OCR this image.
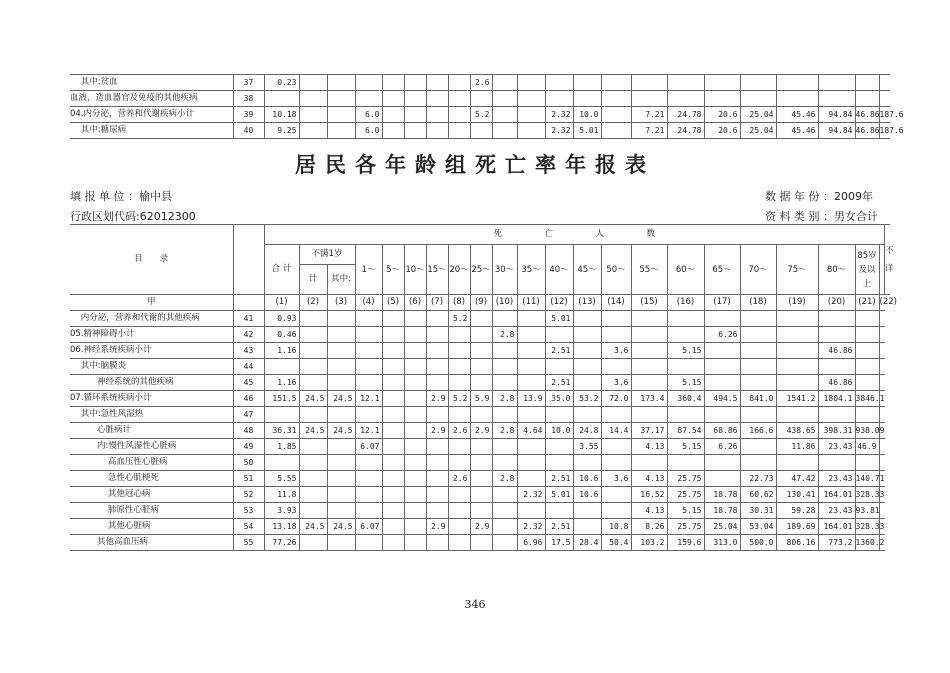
其中:贫血	37	0.23								2.6													
血液，造血器官及免疫的其他疾病	38																						
04.内分泌，营养和代谢疾病小计	39	10.18			6.0					5.2			2.32	10.0		7.21	24.78	20.6	25.04	45.46	94.84	46.86	187.6
其中:糖尿病	40	9.25			6.0								2.32	5.01		7.21	24.78	20.6	25.04	45.46	94.84	46.86	187.6
居民各年龄组死亡率年报表
填 报 单 位 ：榆中县	数 据 年 份 ：2009年
行政区划代码:62012300	资 料 类 别 ：男女合计
目　　录		死　　　　　亡　　　　　人　　　　　数																						不详
		合 计	不满1岁		1～	5～	10～	15～	20～	25～	30～	35～	40～	45～	50～	55～	60～	65～	70～	75～	80～	85岁及以上		
			计	其中:																				
甲		(1)	(2)	(3)	(4)	(5)	(6)	(7)	(8)	(9)	(10)	(11)	(12)	(13)	(14)	(15)	(16)	(17)	(18)	(19)	(20)	(21)	(22)	
内分泌，营养和代谢的其他疾病	41	0.93							5.2				5.01											
05.精神障碍小计	42	0.46									2.8							6.26						
06.神经系统疾病小计	43	1.16											2.51		3.6		5.15				46.86			
其中:脑膜炎	44																							
神经系统的其他疾病	45	1.16											2.51		3.6		5.15				46.86			
07.循环系统疾病小计	46	151.5	24.5	24.5	12.1			2.9	5.2	5.9	2.8	13.9	35.0	53.2	72.0	173.4	360.4	494.5	841.0	1541.2	1804.1	3846.1		
其中:急性风湿热	47																							
心脏病计	48	36.31	24.5	24.5	12.1			2.9	2.6	2.9	2.8	4.64	10.0	24.8	14.4	37.17	87.54	68.86	166.6	438.65	398.31	938.09		
内:慢性风湿性心脏病	49	1.85			6.07									3.55		4.13	5.15	6.26		11.86	23.43	46.9		
高血压性心脏病	50																							
急性心肌梗死	51	5.55							2.6		2.8		2.51	10.6	3.6	4.13	25.75		22.73	47.42	23.43	140.71		
其他冠心病	52	11.8										2.32	5.01	10.6		16.52	25.75	18.78	60.62	130.41	164.01	328.33		
肺原性心脏病	53	3.93														4.13	5.15	18.78	30.31	59.28	23.43	93.81		
其他心脏病	54	13.18	24.5	24.5	6.07			2.9		2.9		2.32	2.51		10.8	8.26	25.75	25.04	53.04	189.69	164.01	328.33		
其他高血压病	55	77.26										6.96	17.5	28.4	50.4	103.2	159.6	313.0	500.0	806.16	773.2	1360.2		
346
